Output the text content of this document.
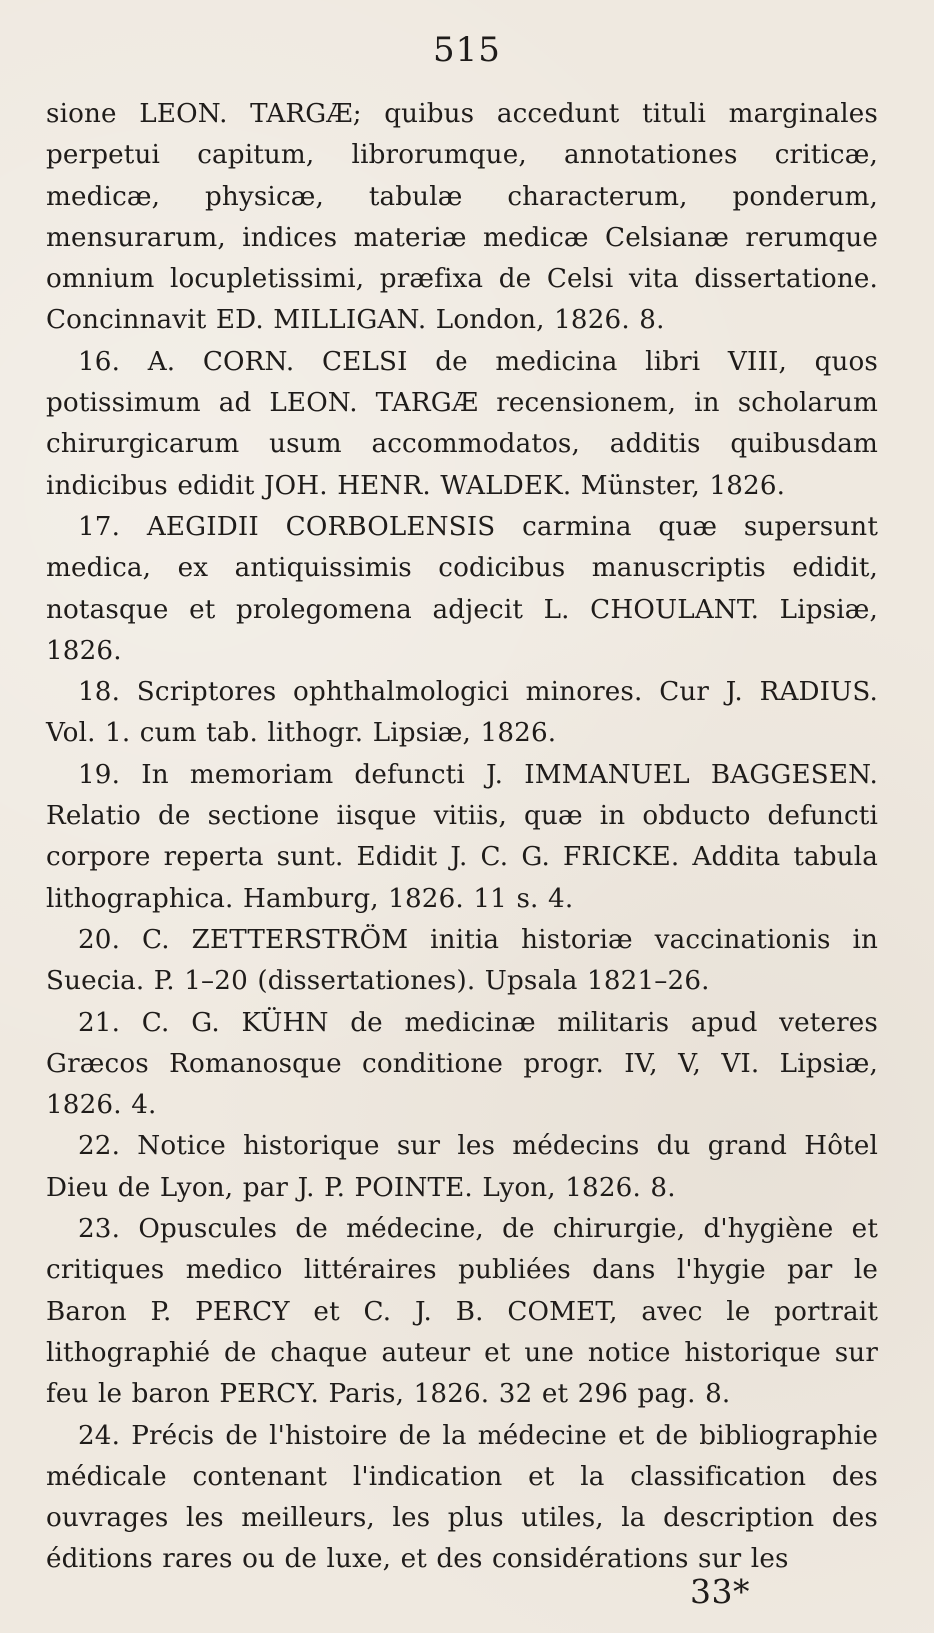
515

sione LEON. TARGÆ; quibus accedunt tituli marginales perpetui capitum, librorumque, annotationes criticæ, medicæ, physicæ, tabulæ characterum, ponderum, mensurarum, indices materiæ medicæ Celsianæ rerumque omnium locupletissimi, præfixa de Celsi vita dissertatione. Concinnavit ED. MILLIGAN. London, 1826. 8.

16. A. CORN. CELSI de medicina libri VIII, quos potissimum ad LEON. TARGÆ recensionem, in scholarum chirurgicarum usum accommodatos, additis quibusdam indicibus edidit JOH. HENR. WALDEK. Münster, 1826.

17. AEGIDII CORBOLENSIS carmina quæ supersunt medica, ex antiquissimis codicibus manuscriptis edidit, notasque et prolegomena adjecit L. CHOULANT. Lipsiæ, 1826.

18. Scriptores ophthalmologici minores. Cur J. RADIUS. Vol. 1. cum tab. lithogr. Lipsiæ, 1826.

19. In memoriam defuncti J. IMMANUEL BAGGESEN. Relatio de sectione iisque vitiis, quæ in obducto defuncti corpore reperta sunt. Edidit J. C. G. FRICKE. Addita tabula lithographica. Hamburg, 1826. 11 s. 4.

20. C. ZETTERSTRÖM initia historiæ vaccinationis in Suecia. P. 1–20 (dissertationes). Upsala 1821–26.

21. C. G. KÜHN de medicinæ militaris apud veteres Græcos Romanosque conditione progr. IV, V, VI. Lipsiæ, 1826. 4.

22. Notice historique sur les médecins du grand Hôtel Dieu de Lyon, par J. P. POINTE. Lyon, 1826. 8.

23. Opuscules de médecine, de chirurgie, d'hygiène et critiques medico littéraires publiées dans l'hygie par le Baron P. PERCY et C. J. B. COMET, avec le portrait lithographié de chaque auteur et une notice historique sur feu le baron PERCY. Paris, 1826. 32 et 296 pag. 8.

24. Précis de l'histoire de la médecine et de bibliographie médicale contenant l'indication et la classification des ouvrages les meilleurs, les plus utiles, la description des éditions rares ou de luxe, et des considérations sur les

33*
